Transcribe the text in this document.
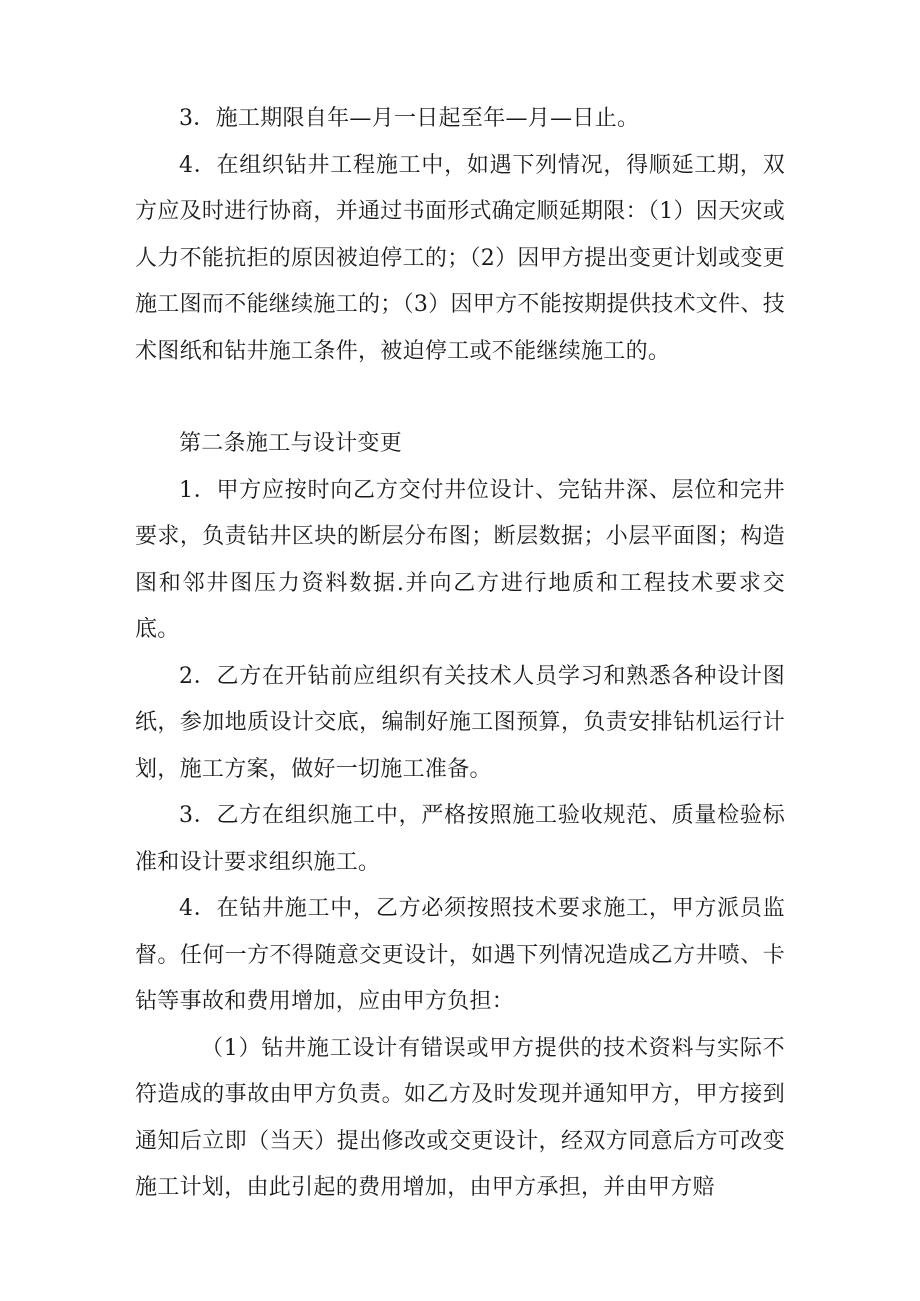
3．施工期限自年—月一日起至年—月—日止。

4．在组织钻井工程施工中，如遇下列情况，得顺延工期，双方应及时进行协商，并通过书面形式确定顺延期限：（1）因天灾或人力不能抗拒的原因被迫停工的；（2）因甲方提出变更计划或变更施工图而不能继续施工的；（3）因甲方不能按期提供技术文件、技术图纸和钻井施工条件，被迫停工或不能继续施工的。

第二条施工与设计变更

1．甲方应按时向乙方交付井位设计、完钻井深、层位和完井要求，负责钻井区块的断层分布图；断层数据；小层平面图；构造图和邻井图压力资料数据.并向乙方进行地质和工程技术要求交底。

2．乙方在开钻前应组织有关技术人员学习和熟悉各种设计图纸，参加地质设计交底，编制好施工图预算，负责安排钻机运行计划，施工方案，做好一切施工准备。

3．乙方在组织施工中，严格按照施工验收规范、质量检验标准和设计要求组织施工。

4．在钻井施工中，乙方必须按照技术要求施工，甲方派员监督。任何一方不得随意交更设计，如遇下列情况造成乙方井喷、卡钻等事故和费用增加，应由甲方负担：

（1）钻井施工设计有错误或甲方提供的技术资料与实际不符造成的事故由甲方负责。如乙方及时发现并通知甲方，甲方接到通知后立即（当天）提出修改或交更设计，经双方同意后方可改变施工计划，由此引起的费用增加，由甲方承担，并由甲方赔
